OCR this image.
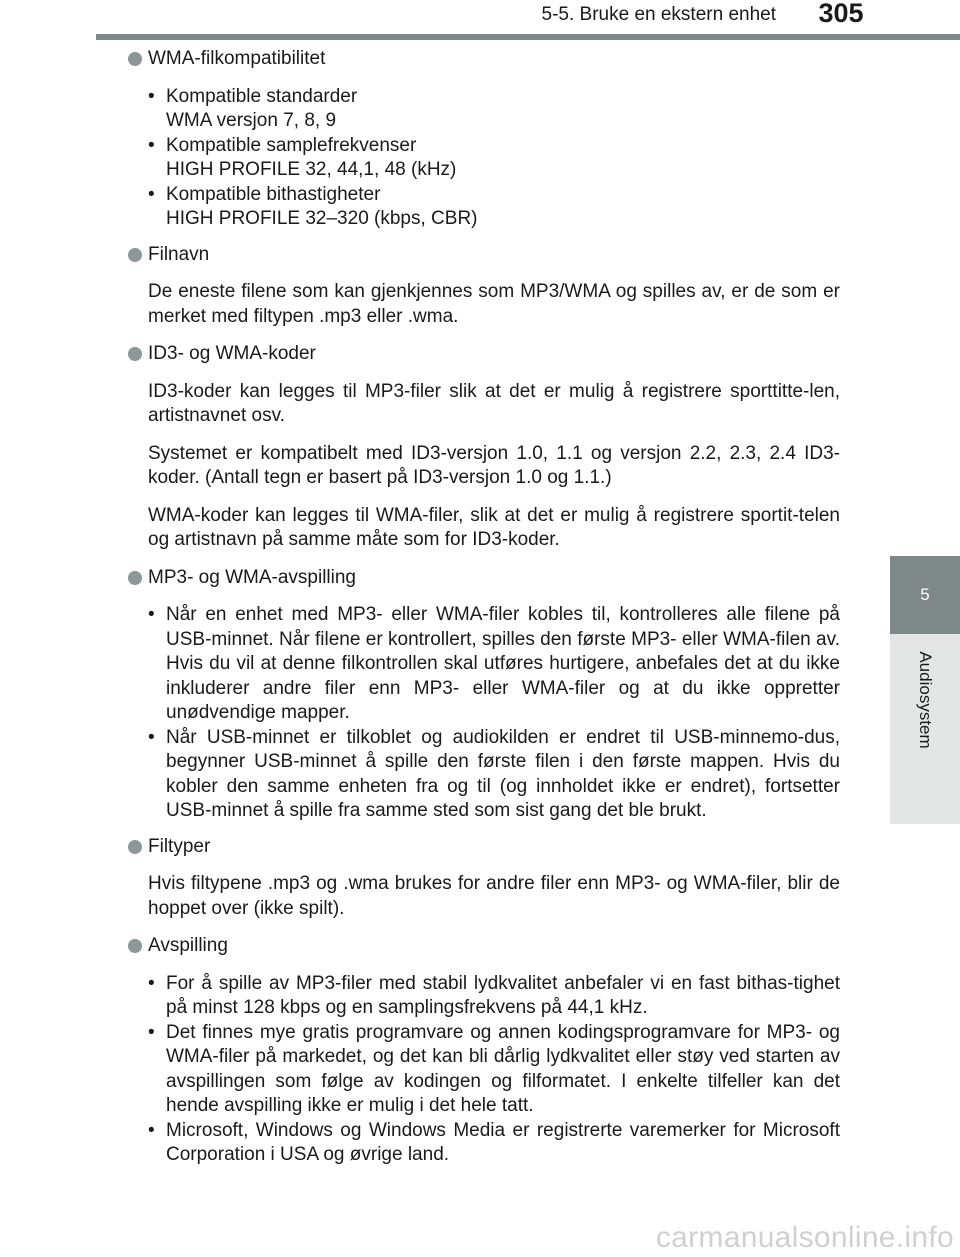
5-5. Bruke en ekstern enhet	305
5
Audiosystem
WMA-filkompatibilitet
• Kompatible standarder
WMA versjon 7, 8, 9
• Kompatible samplefrekvenser
HIGH PROFILE 32, 44,1, 48 (kHz)
• Kompatible bithastigheter
HIGH PROFILE 32–320 (kbps, CBR)
Filnavn
De eneste filene som kan gjenkjennes som MP3/WMA og spilles av, er de som er merket med filtypen .mp3 eller .wma.
ID3- og WMA-koder
ID3-koder kan legges til MP3-filer slik at det er mulig å registrere sporttitte-len, artistnavnet osv.
Systemet er kompatibelt med ID3-versjon 1.0, 1.1 og versjon 2.2, 2.3, 2.4 ID3-koder. (Antall tegn er basert på ID3-versjon 1.0 og 1.1.)
WMA-koder kan legges til WMA-filer, slik at det er mulig å registrere sportit-telen og artistnavn på samme måte som for ID3-koder.
MP3- og WMA-avspilling
• Når en enhet med MP3- eller WMA-filer kobles til, kontrolleres alle filene på USB-minnet. Når filene er kontrollert, spilles den første MP3- eller WMA-filen av. Hvis du vil at denne filkontrollen skal utføres hurtigere, anbefales det at du ikke inkluderer andre filer enn MP3- eller WMA-filer og at du ikke oppretter unødvendige mapper.
• Når USB-minnet er tilkoblet og audiokilden er endret til USB-minnemo-dus, begynner USB-minnet å spille den første filen i den første mappen. Hvis du kobler den samme enheten fra og til (og innholdet ikke er endret), fortsetter USB-minnet å spille fra samme sted som sist gang det ble brukt.
Filtyper
Hvis filtypene .mp3 og .wma brukes for andre filer enn MP3- og WMA-filer, blir de hoppet over (ikke spilt).
Avspilling
• For å spille av MP3-filer med stabil lydkvalitet anbefaler vi en fast bithas-tighet på minst 128 kbps og en samplingsfrekvens på 44,1 kHz.
• Det finnes mye gratis programvare og annen kodingsprogramvare for MP3- og WMA-filer på markedet, og det kan bli dårlig lydkvalitet eller støy ved starten av avspillingen som følge av kodingen og filformatet. I enkelte tilfeller kan det hende avspilling ikke er mulig i det hele tatt.
• Microsoft, Windows og Windows Media er registrerte varemerker for Microsoft Corporation i USA og øvrige land.
carmanualsonline.info
